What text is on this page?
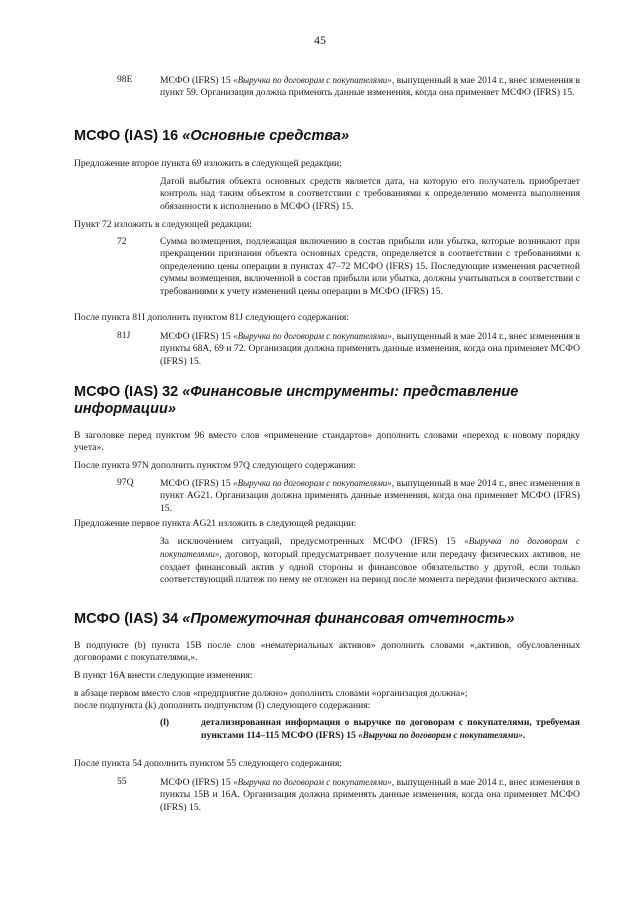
45
98E	МСФО (IFRS) 15 «Выручка по договорам с покупателями», выпущенный в мае 2014 г., внес изменения в пункт 59. Организация должна применять данные изменения, когда она применяет МСФО (IFRS) 15.
МСФО (IAS) 16 «Основные средства»
Предложение второе пункта 69 изложить в следующей редакции:
Датой выбытия объекта основных средств является дата, на которую его получатель приобретает контроль над таким объектом в соответствии с требованиями к определению момента выполнения обязанности к исполнению в МСФО (IFRS) 15.
Пункт 72 изложить в следующей редакции:
72	Сумма возмещения, подлежащая включению в состав прибыли или убытка, которые возникают при прекращении признания объекта основных средств, определяется в соответствии с требованиями к определению цены операции в пунктах 47–72 МСФО (IFRS) 15. Последующие изменения расчетной суммы возмещения, включенной в состав прибыли или убытка, должны учитываться в соответствии с требованиями к учету изменений цены операции в МСФО (IFRS) 15.
После пункта 81I дополнить пунктом 81J следующего содержания:
81J	МСФО (IFRS) 15 «Выручка по договорам с покупателями», выпущенный в мае 2014 г., внес изменения в пункты 68A, 69 и 72. Организация должна применять данные изменения, когда она применяет МСФО (IFRS) 15.
МСФО (IAS) 32 «Финансовые инструменты: представление информации»
В заголовке перед пунктом 96 вместо слов «применение стандартов» дополнить словами «переход к новому порядку учета».
После пункта 97N дополнить пунктом 97Q следующего содержания:
97Q	МСФО (IFRS) 15 «Выручка по договорам с покупателями», выпущенный в мае 2014 г., внес изменения в пункт AG21. Организация должна применять данные изменения, когда она применяет МСФО (IFRS) 15.
Предложение первое пункта AG21 изложить в следующей редакции:
За исключением ситуаций, предусмотренных МСФО (IFRS) 15 «Выручка по договорам с покупателями», договор, который предусматривает получение или передачу физических активов, не создает финансовый актив у одной стороны и финансовое обязательство у другой, если только соответствующий платеж по нему не отложен на период после момента передачи физического актива.
МСФО (IAS) 34 «Промежуточная финансовая отчетность»
В подпункте (b) пункта 15B после слов «нематериальных активов» дополнить словами «,активов, обусловленных договорами с покупателями,».
В пункт 16A внести следующие изменения:
в абзаце первом вместо слов «предприятие должно» дополнить словами «организация должна»;
после подпункта (k) дополнить подпунктом (l) следующего содержания:
(l)	детализированная информация о выручке по договорам с покупателями, требуемая пунктами 114–115 МСФО (IFRS) 15 «Выручка по договорам с покупателями».
После пункта 54 дополнить пунктом 55 следующего содержания:
55	МСФО (IFRS) 15 «Выручка по договорам с покупателями», выпущенный в мае 2014 г., внес изменения в пункты 15B и 16A. Организация должна применять данные изменения, когда она применяет МСФО (IFRS) 15.
